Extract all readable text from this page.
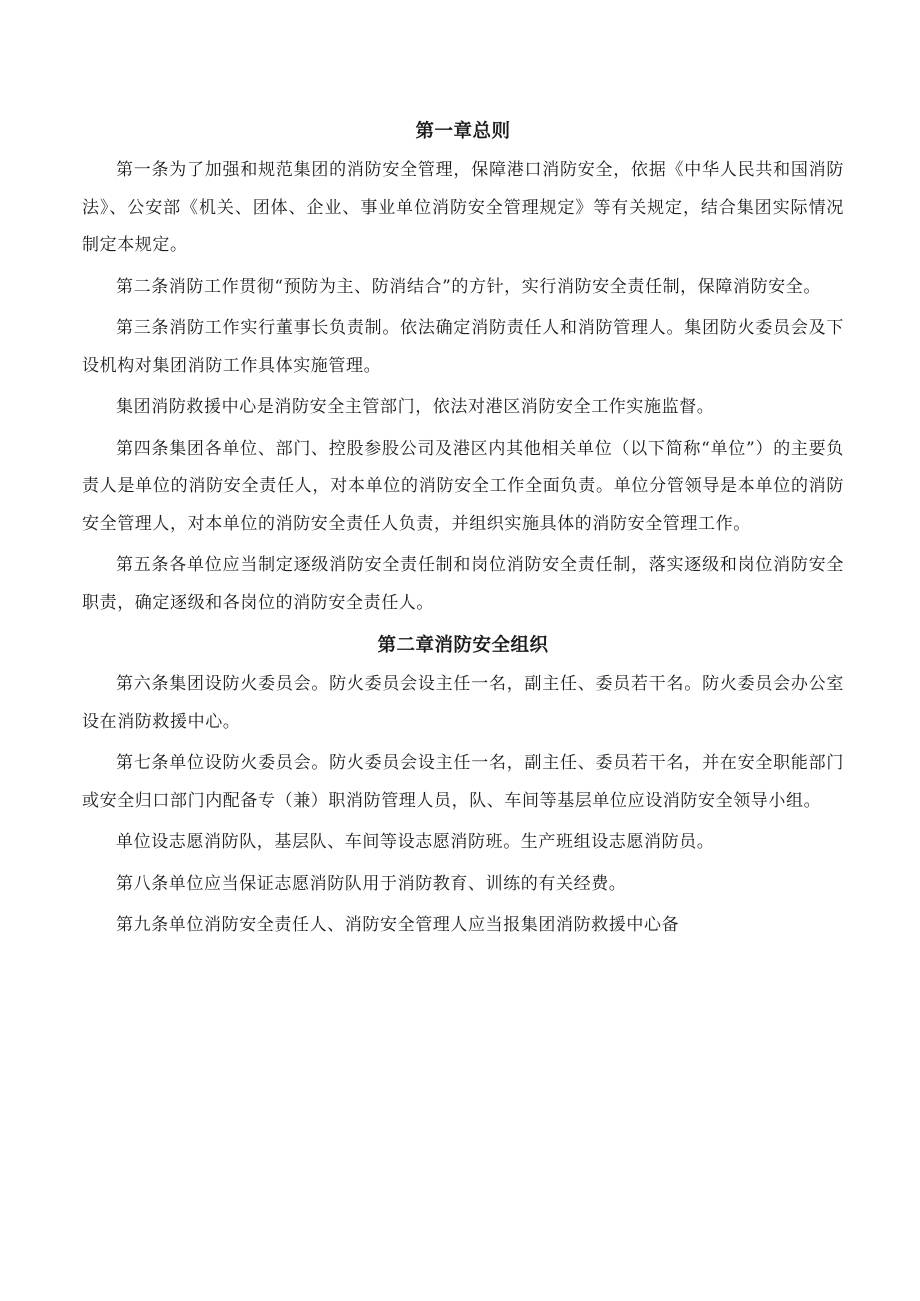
第一章总则

第一条为了加强和规范集团的消防安全管理，保障港口消防安全，依据《中华人民共和国消防法》、公安部《机关、团体、企业、事业单位消防安全管理规定》等有关规定，结合集团实际情况制定本规定。

第二条消防工作贯彻“预防为主、防消结合”的方针，实行消防安全责任制，保障消防安全。

第三条消防工作实行董事长负责制。依法确定消防责任人和消防管理人。集团防火委员会及下设机构对集团消防工作具体实施管理。

集团消防救援中心是消防安全主管部门，依法对港区消防安全工作实施监督。

第四条集团各单位、部门、控股参股公司及港区内其他相关单位（以下简称“单位”）的主要负责人是单位的消防安全责任人，对本单位的消防安全工作全面负责。单位分管领导是本单位的消防安全管理人，对本单位的消防安全责任人负责，并组织实施具体的消防安全管理工作。

第五条各单位应当制定逐级消防安全责任制和岗位消防安全责任制，落实逐级和岗位消防安全职责，确定逐级和各岗位的消防安全责任人。

第二章消防安全组织

第六条集团设防火委员会。防火委员会设主任一名，副主任、委员若干名。防火委员会办公室设在消防救援中心。

第七条单位设防火委员会。防火委员会设主任一名，副主任、委员若干名，并在安全职能部门或安全归口部门内配备专（兼）职消防管理人员，队、车间等基层单位应设消防安全领导小组。

单位设志愿消防队，基层队、车间等设志愿消防班。生产班组设志愿消防员。

第八条单位应当保证志愿消防队用于消防教育、训练的有关经费。

第九条单位消防安全责任人、消防安全管理人应当报集团消防救援中心备
